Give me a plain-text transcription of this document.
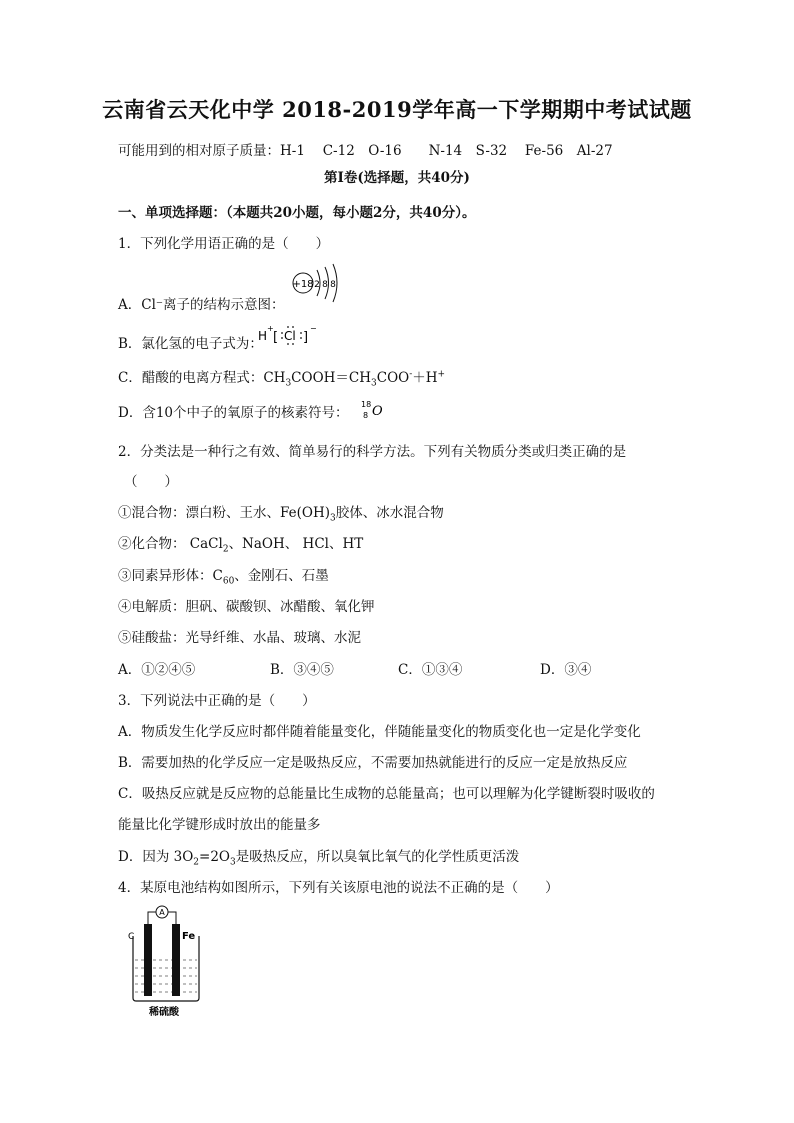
云南省云天化中学 2018-2019学年高一下学期期中考试试题
可能用到的相对原子质量：H-1　 C-12　O-16　　N-14　S-32　 Fe-56　Al-27
第Ⅰ卷(选择题，共40分)
一、单项选择题：（本题共20小题，每小题2分，共40分）。
1．下列化学用语正确的是（　　）
A．Cl⁻离子的结构示意图：
+18 2 8 8
B．氯化氢的电子式为：
H
+
[ Cl ]
−
C．醋酸的电离方程式：$CH_3COOH=CH_3COO^-+H^+$
D．含10个中子的氧原子的核素符号：
18
8 O
2．分类法是一种行之有效、简单易行的科学方法。下列有关物质分类或归类正确的是
（　　）
①混合物：漂白粉、王水、$Fe(OH)_3$胶体、冰水混合物
②化合物： CaCl$_2$、NaOH、 HCl、HT
③同素异形体：$C_{60}$、金刚石、石墨
④电解质：胆矾、碳酸钡、冰醋酸、氧化钾
⑤硅酸盐：光导纤维、水晶、玻璃、水泥
A．①②④⑤	B．③④⑤	C．①③④	D．③④
3．下列说法中正确的是（　　）
A．物质发生化学反应时都伴随着能量变化，伴随能量变化的物质变化也一定是化学变化
B．需要加热的化学反应一定是吸热反应，不需要加热就能进行的反应一定是放热反应
C．吸热反应就是反应物的总能量比生成物的总能量高；也可以理解为化学键断裂时吸收的
能量比化学键形成时放出的能量多
D．因为 $3O_2=2O_3$是吸热反应，所以臭氧比氧气的化学性质更活泼
4．某原电池结构如图所示，下列有关该原电池的说法不正确的是（　　）
A
C	Fe
稀硫酸
